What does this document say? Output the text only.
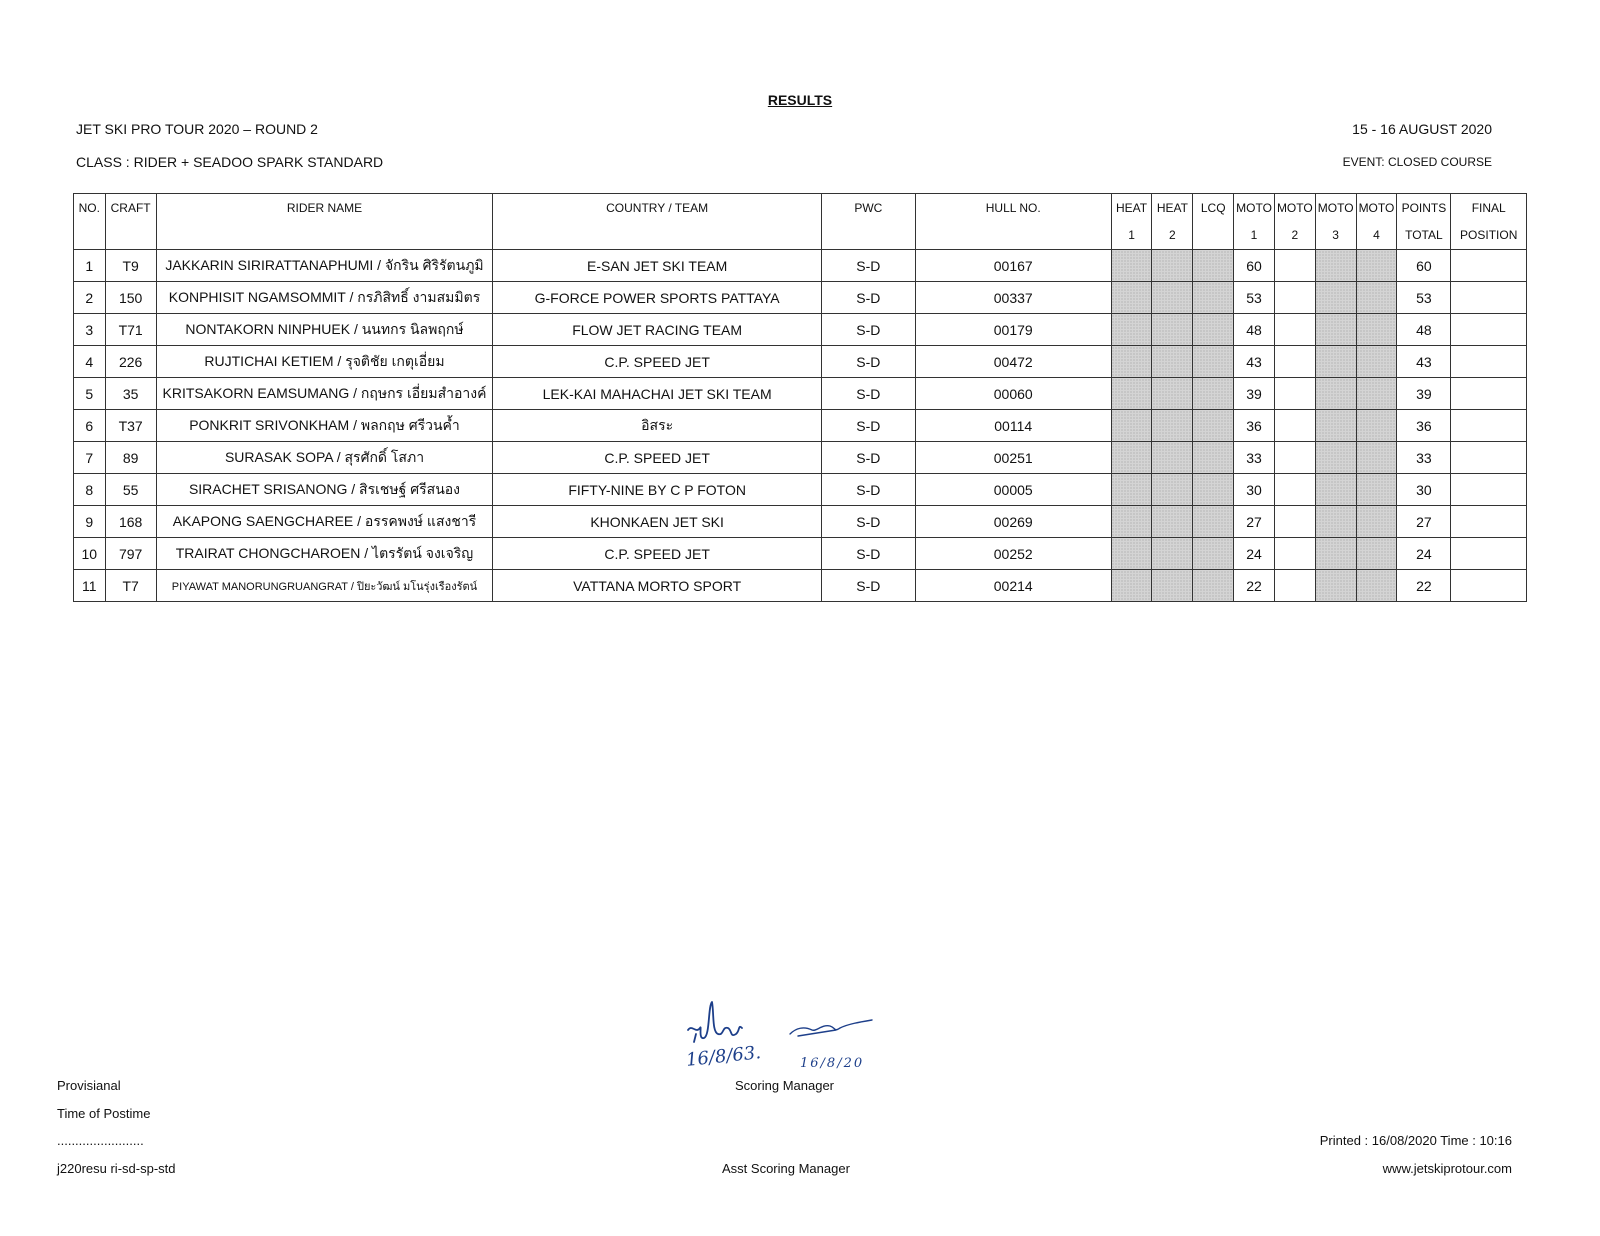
RESULTS
JET SKI PRO TOUR 2020 – ROUND 2	15 - 16 AUGUST 2020
CLASS : RIDER + SEADOO SPARK STANDARD	EVENT: CLOSED COURSE
NO.	CRAFT	RIDER NAME	COUNTRY / TEAM	PWC	HULL NO.	HEAT	HEAT	LCQ	MOTO	MOTO	MOTO	MOTO	POINTS	FINAL
						1	2		1	2	3	4	TOTAL	POSITION
1	T9	JAKKARIN SIRIRATTANAPHUMI / จักริน ศิริรัตนภูมิ	E-SAN JET SKI TEAM	S-D	00167				60				60	
2	150	KONPHISIT NGAMSOMMIT / กรภิสิทธิ์ งามสมมิตร	G-FORCE POWER SPORTS PATTAYA	S-D	00337				53				53	
3	T71	NONTAKORN NINPHUEK / นนทกร นิลพฤกษ์	FLOW JET RACING TEAM	S-D	00179				48				48	
4	226	RUJTICHAI KETIEM / รุจติชัย เกตุเอี่ยม	C.P. SPEED JET	S-D	00472				43				43	
5	35	KRITSAKORN EAMSUMANG / กฤษกร เอี่ยมสำอางค์	LEK-KAI MAHACHAI JET SKI TEAM	S-D	00060				39				39	
6	T37	PONKRIT SRIVONKHAM / พลกฤษ ศรีวนค้ำ	อิสระ	S-D	00114				36				36	
7	89	SURASAK SOPA / สุรศักดิ์ โสภา	C.P. SPEED JET	S-D	00251				33				33	
8	55	SIRACHET SRISANONG / สิรเชษฐ์ ศรีสนอง	FIFTY-NINE BY C P FOTON	S-D	00005				30				30	
9	168	AKAPONG SAENGCHAREE / อรรคพงษ์ แสงชารี	KHONKAEN JET SKI	S-D	00269				27				27	
10	797	TRAIRAT CHONGCHAROEN / ไตรรัตน์ จงเจริญ	C.P. SPEED JET	S-D	00252				24				24	
11	T7	PIYAWAT MANORUNGRUANGRAT / ปิยะวัฒน์ มโนรุ่งเรืองรัตน์	VATTANA MORTO SPORT	S-D	00214				22				22	
16/8/63.	16/8/20
Scoring Manager
Provisianal
Time of Postime
........................
j220resu ri-sd-sp-std	Asst Scoring Manager
Printed : 16/08/2020 Time : 10:16
www.jetskiprotour.com
